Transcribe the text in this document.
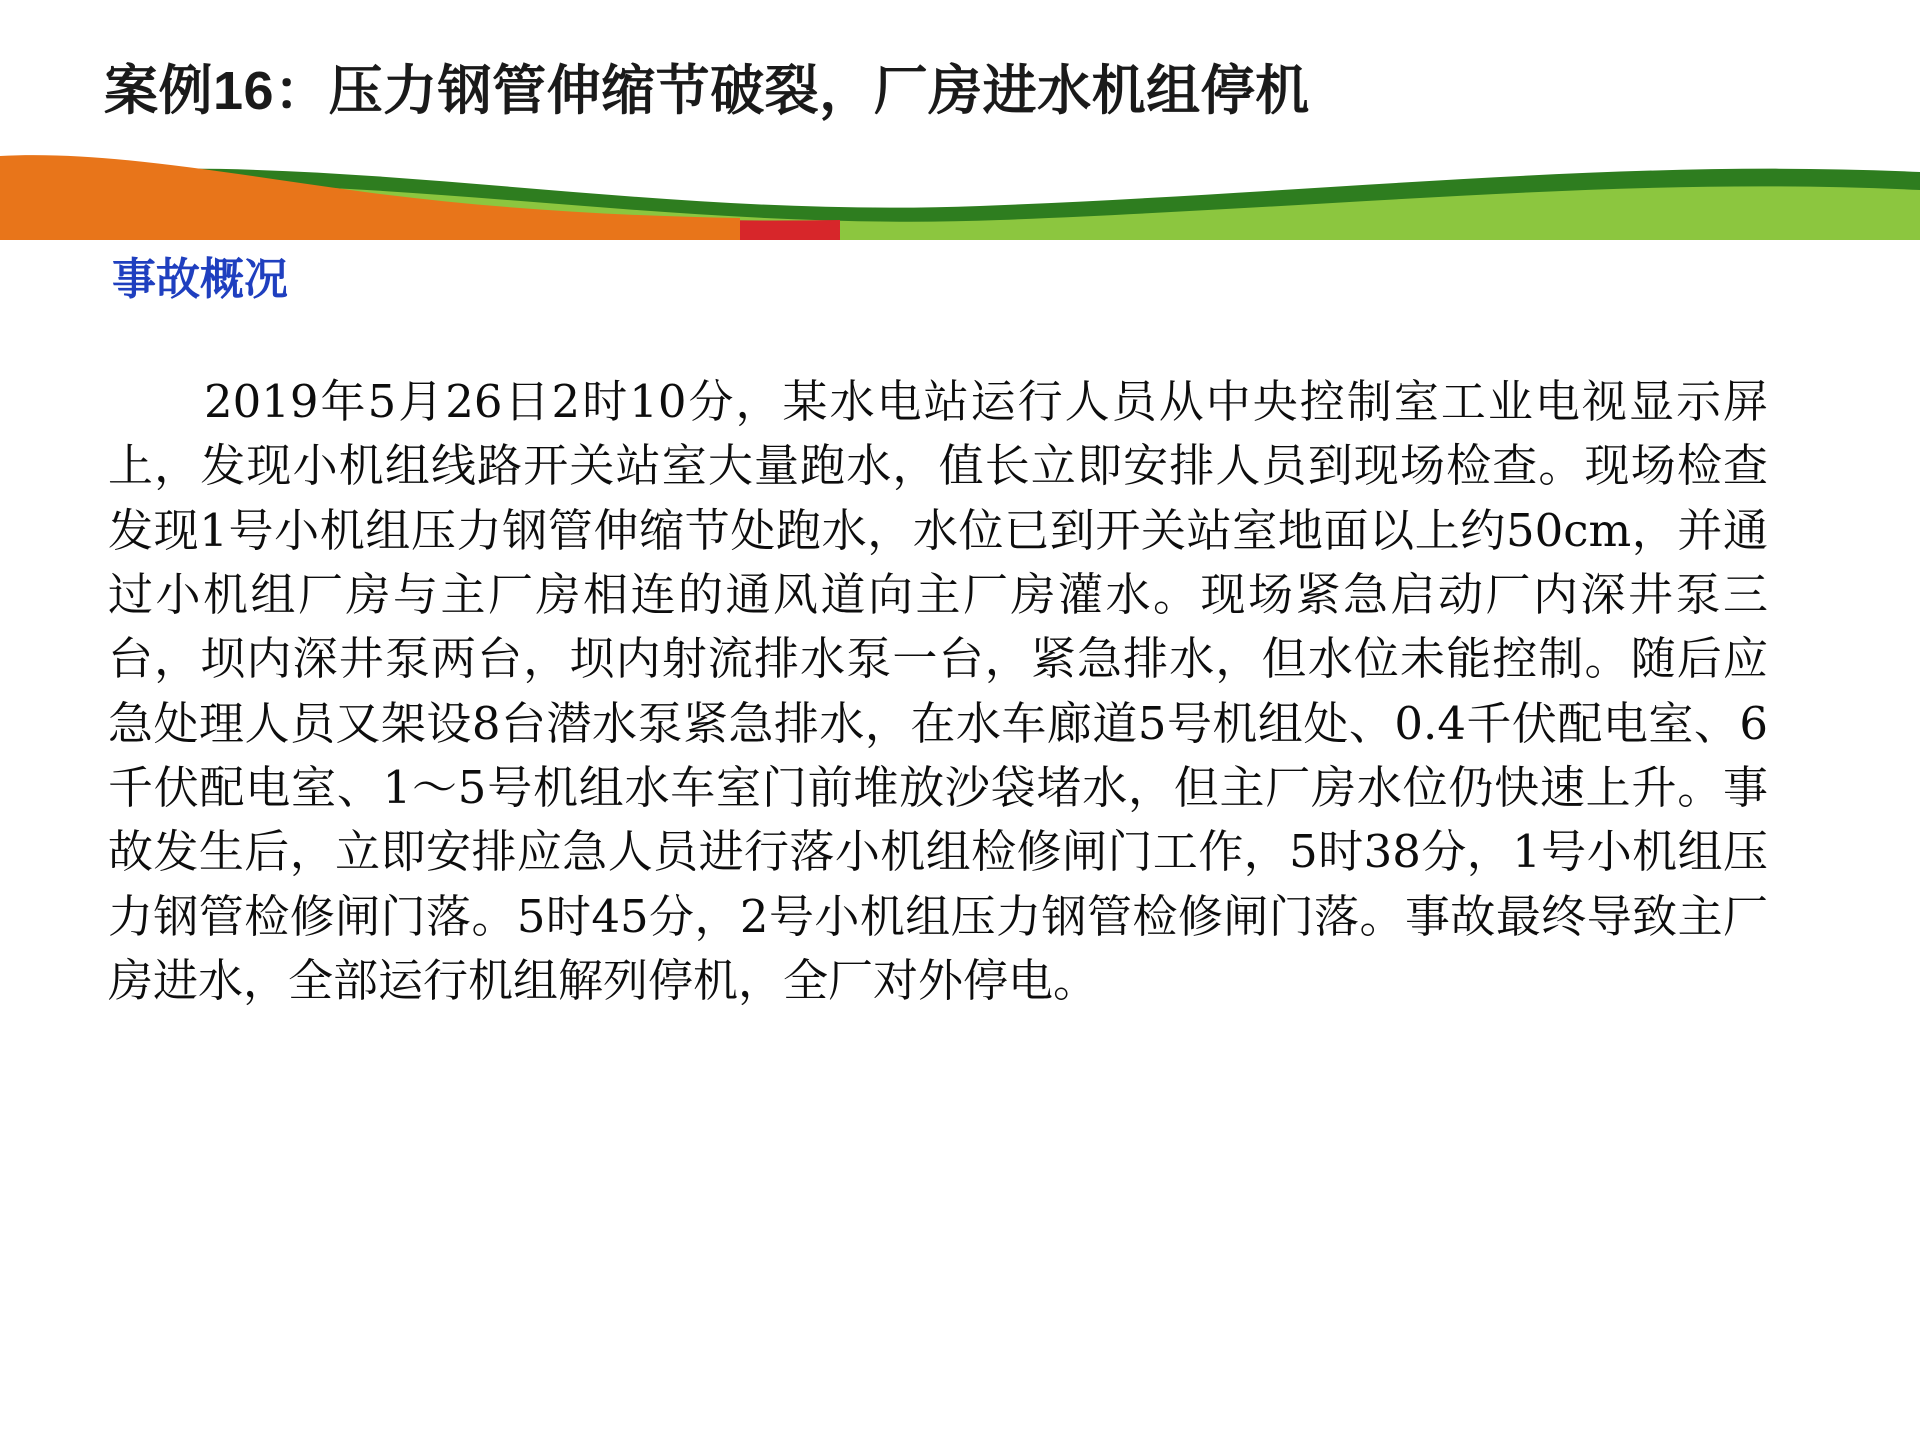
案例16：压力钢管伸缩节破裂，厂房进水机组停机
事故概况
2019年5月26日2时10分，某水电站运行人员从中央控制室工业电视显示屏上，发现小机组线路开关站室大量跑水，值长立即安排人员到现场检查。现场检查发现1号小机组压力钢管伸缩节处跑水，水位已到开关站室地面以上约50cm，并通过小机组厂房与主厂房相连的通风道向主厂房灌水。现场紧急启动厂内深井泵三台，坝内深井泵两台，坝内射流排水泵一台，紧急排水，但水位未能控制。随后应急处理人员又架设8台潜水泵紧急排水，在水车廊道5号机组处、0.4千伏配电室、6千伏配电室、1～5号机组水车室门前堆放沙袋堵水，但主厂房水位仍快速上升。事故发生后，立即安排应急人员进行落小机组检修闸门工作，5时38分，1号小机组压力钢管检修闸门落。5时45分，2号小机组压力钢管检修闸门落。事故最终导致主厂房进水，全部运行机组解列停机，全厂对外停电。
